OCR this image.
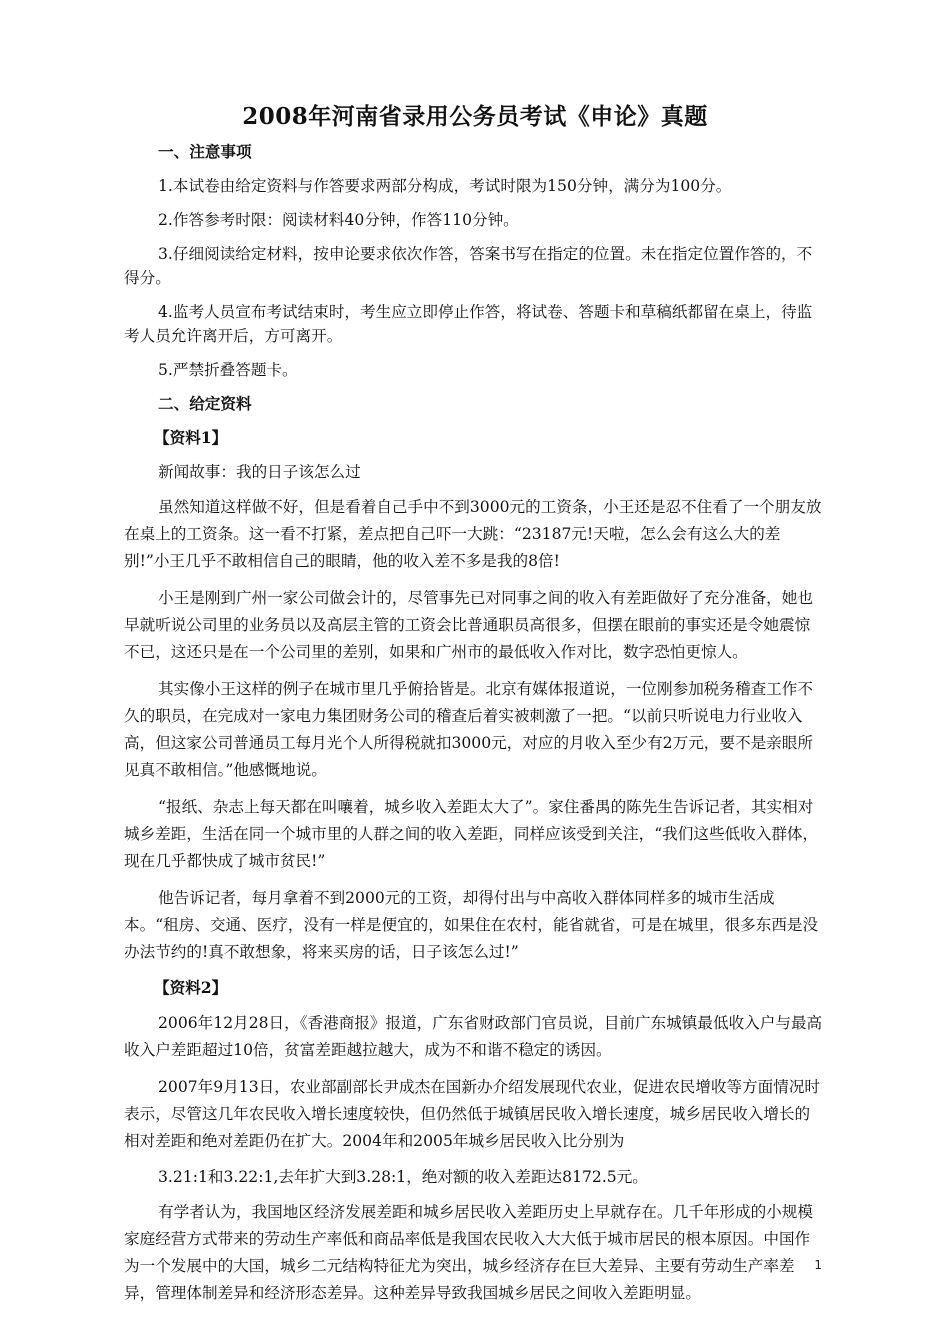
2008年河南省录用公务员考试《申论》真题

一、注意事项

1.本试卷由给定资料与作答要求两部分构成，考试时限为150分钟，满分为100分。

2.作答参考时限：阅读材料40分钟，作答110分钟。

3.仔细阅读给定材料，按申论要求依次作答，答案书写在指定的位置。未在指定位置作答的，不得分。

4.监考人员宣布考试结束时，考生应立即停止作答，将试卷、答题卡和草稿纸都留在桌上，待监考人员允许离开后，方可离开。

5.严禁折叠答题卡。

二、给定资料

【资料1】

新闻故事：我的日子该怎么过

虽然知道这样做不好，但是看着自己手中不到3000元的工资条，小王还是忍不住看了一个朋友放在桌上的工资条。这一看不打紧，差点把自己吓一大跳：“23187元!天啦，怎么会有这么大的差别!”小王几乎不敢相信自己的眼睛，他的收入差不多是我的8倍!

小王是刚到广州一家公司做会计的，尽管事先已对同事之间的收入有差距做好了充分准备，她也早就听说公司里的业务员以及高层主管的工资会比普通职员高很多，但摆在眼前的事实还是令她震惊不已，这还只是在一个公司里的差别，如果和广州市的最低收入作对比，数字恐怕更惊人。

其实像小王这样的例子在城市里几乎俯拾皆是。北京有媒体报道说，一位刚参加税务稽查工作不久的职员，在完成对一家电力集团财务公司的稽查后着实被刺激了一把。“以前只听说电力行业收入高，但这家公司普通员工每月光个人所得税就扣3000元，对应的月收入至少有2万元，要不是亲眼所见真不敢相信。”他感慨地说。

“报纸、杂志上每天都在叫嚷着，城乡收入差距太大了”。家住番禺的陈先生告诉记者，其实相对城乡差距，生活在同一个城市里的人群之间的收入差距，同样应该受到关注，“我们这些低收入群体，现在几乎都快成了城市贫民!”

他告诉记者，每月拿着不到2000元的工资，却得付出与中高收入群体同样多的城市生活成本。“租房、交通、医疗，没有一样是便宜的，如果住在农村，能省就省，可是在城里，很多东西是没办法节约的!真不敢想象，将来买房的话，日子该怎么过!”

【资料2】

2006年12月28日，《香港商报》报道，广东省财政部门官员说，目前广东城镇最低收入户与最高收入户差距超过10倍，贫富差距越拉越大，成为不和谐不稳定的诱因。

2007年9月13日，农业部副部长尹成杰在国新办介绍发展现代农业，促进农民增收等方面情况时表示，尽管这几年农民收入增长速度较快，但仍然低于城镇居民收入增长速度，城乡居民收入增长的相对差距和绝对差距仍在扩大。2004年和2005年城乡居民收入比分别为

3.21:1和3.22:1,去年扩大到3.28:1，绝对额的收入差距达8172.5元。

有学者认为，我国地区经济发展差距和城乡居民收入差距历史上早就存在。几千年形成的小规模家庭经营方式带来的劳动生产率低和商品率低是我国农民收入大大低于城市居民的根本原因。中国作为一个发展中的大国，城乡二元结构特征尤为突出，城乡经济存在巨大差异、主要有劳动生产率差异，管理体制差异和经济形态差异。这种差异导致我国城乡居民之间收入差距明显。

1
